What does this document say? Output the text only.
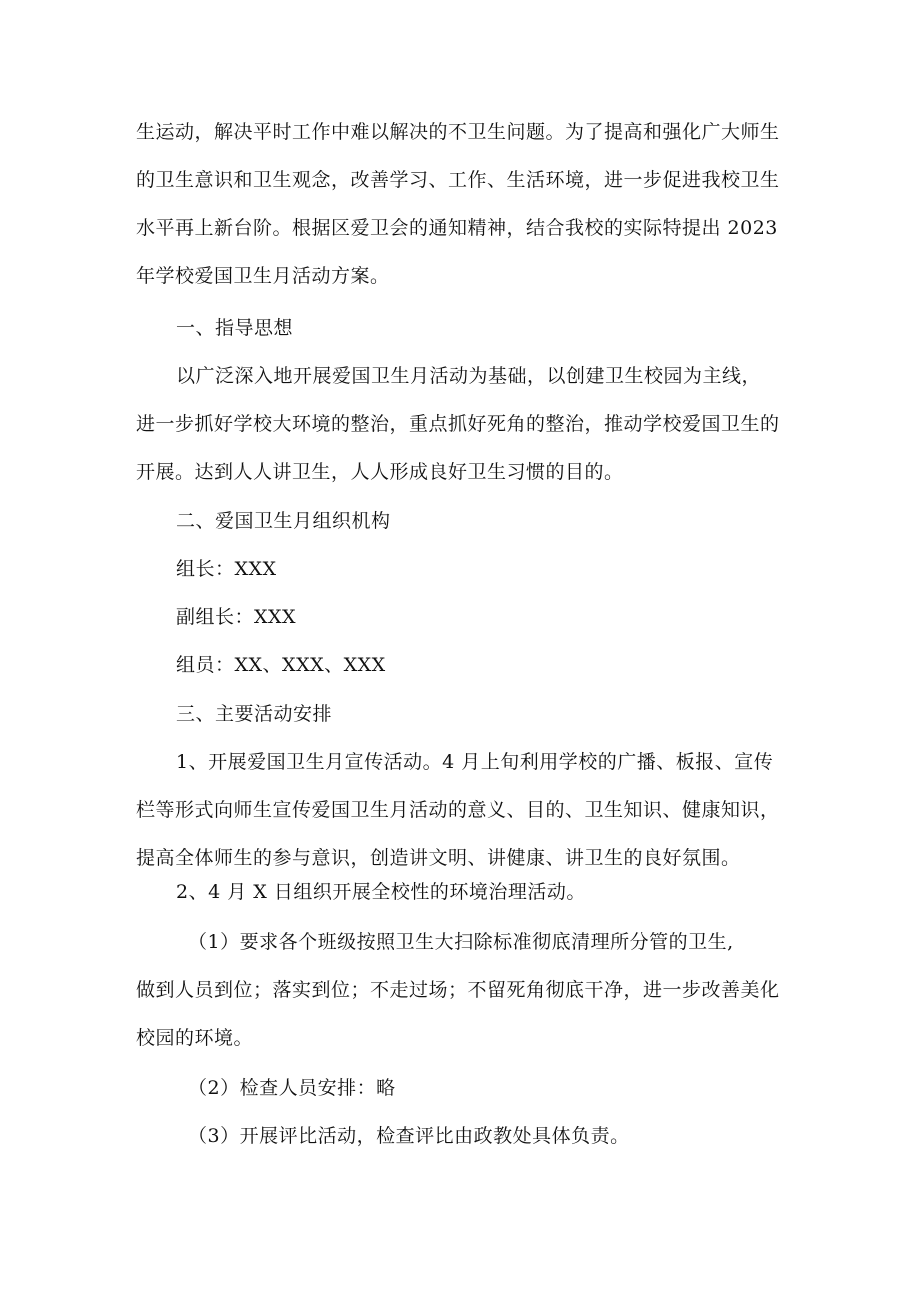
生运动，解决平时工作中难以解决的不卫生问题。为了提高和强化广大师生
的卫生意识和卫生观念，改善学习、工作、生活环境，进一步促进我校卫生
水平再上新台阶。根据区爱卫会的通知精神，结合我校的实际特提出 2023
年学校爱国卫生月活动方案。
一、指导思想
以广泛深入地开展爱国卫生月活动为基础，以创建卫生校园为主线，
进一步抓好学校大环境的整治，重点抓好死角的整治，推动学校爱国卫生的
开展。达到人人讲卫生，人人形成良好卫生习惯的目的。
二、爱国卫生月组织机构
组长：XXX
副组长：XXX
组员：XX、XXX、XXX
三、主要活动安排
1、开展爱国卫生月宣传活动。4 月上旬利用学校的广播、板报、宣传
栏等形式向师生宣传爱国卫生月活动的意义、目的、卫生知识、健康知识，
提高全体师生的参与意识，创造讲文明、讲健康、讲卫生的良好氛围。
2、4 月 X 日组织开展全校性的环境治理活动。
（1）要求各个班级按照卫生大扫除标准彻底清理所分管的卫生,
做到人员到位；落实到位；不走过场；不留死角彻底干净，进一步改善美化
校园的环境。
（2）检查人员安排：略
（3）开展评比活动，检查评比由政教处具体负责。
